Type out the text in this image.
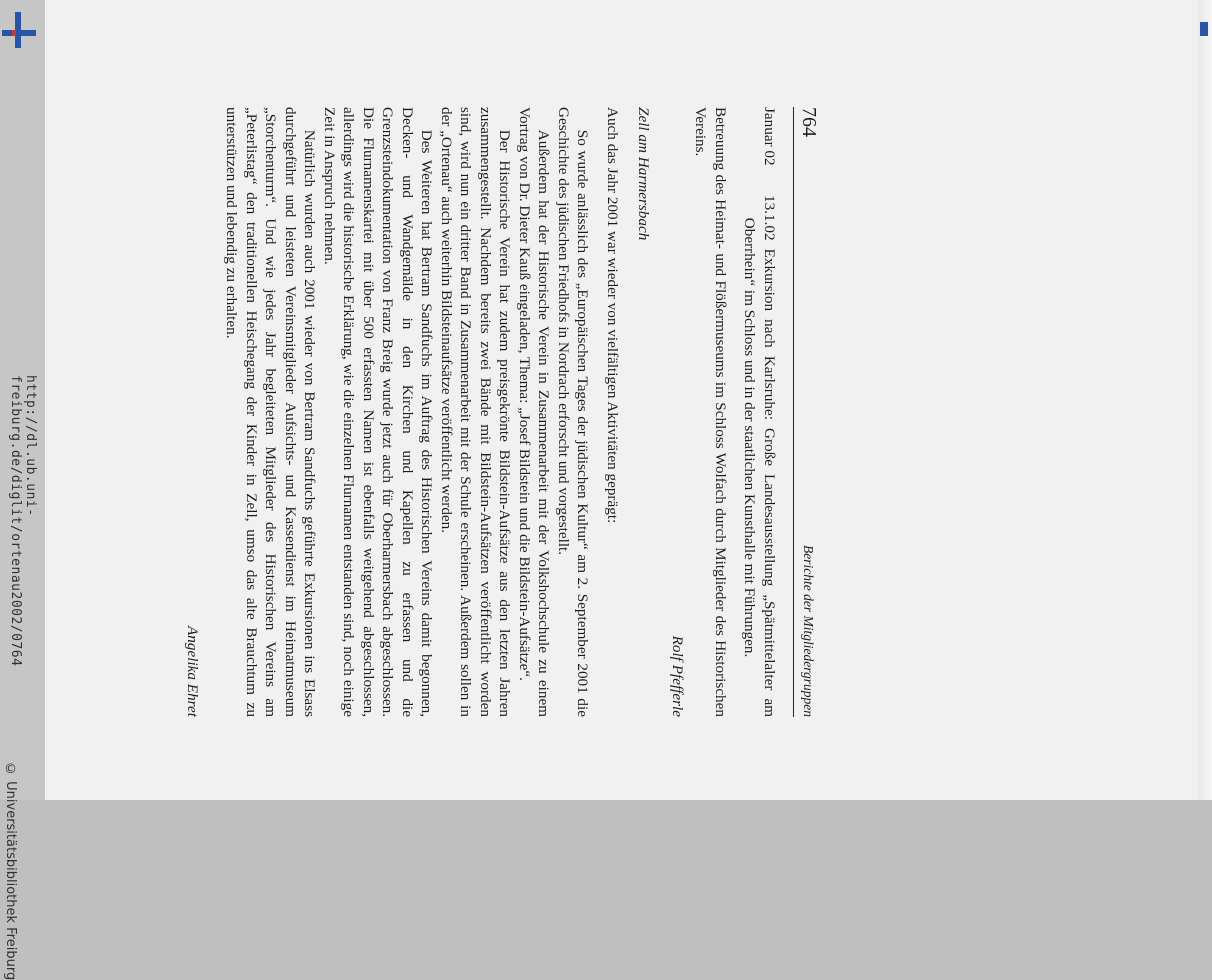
http://dl.ub.uni-freiburg.de/diglit/ortenau2002/0764
© Universitätsbibliothek Freiburg
764
Berichte der Mitgliedergruppen
Januar 02
13.1.02 Exkursion nach Karlsruhe: Große Landesausstellung „Spätmittelalter am Oberrhein“ im Schloss und in der staatlichen Kunsthalle mit Führungen.

Betreuung des Heimat- und Flößermuseums im Schloss Wolfach durch Mitglieder des Historischen Vereins.

Rolf Pfefferle
Zell am Harmersbach

Auch das Jahr 2001 war wieder von vielfältigen Aktivitäten geprägt:

So wurde anlässlich des „Europäischen Tages der jüdischen Kultur“ am 2. September 2001 die Geschichte des jüdischen Friedhofs in Nordrach erforscht und vorgestellt.

Außerdem hat der Historische Verein in Zusammenarbeit mit der Volkshochschule zu einem Vortrag von Dr. Dieter Kauß eingeladen, Thema: „Josef Bildstein und die Bildstein-Aufsätze“.

Der Historische Verein hat zudem preisgekrönte Bildstein-Aufsätze aus den letzten Jahren zusammengestellt. Nachdem bereits zwei Bände mit Bildstein-Aufsätzen veröffentlicht worden sind, wird nun ein dritter Band in Zusammenarbeit mit der Schule erscheinen. Außerdem sollen in der „Ortenau“ auch weiterhin Bildsteinaufsätze veröffentlicht werden.

Des Weiteren hat Bertram Sandfuchs im Auftrag des Historischen Vereins damit begonnen, Decken- und Wandgemälde in den Kirchen und Kapellen zu erfassen und die Grenzsteindokumentation von Franz Breig wurde jetzt auch für Oberharmersbach abgeschlossen. Die Flurnamenskartei mit über 500 erfassten Namen ist ebenfalls weitgehend abgeschlossen, allerdings wird die historische Erklärung, wie die einzelnen Flurnamen entstanden sind, noch einige Zeit in Anspruch nehmen.

Natürlich wurden auch 2001 wieder von Bertram Sandfuchs geführte Exkursionen ins Elsass durchgeführt und leisteten Vereinsmitglieder Aufsichts- und Kassendienst im Heimatmuseum „Storchenturm“. Und wie jedes Jahr begleiteten Mitglieder des Historischen Vereins am „Peterlistag“ den traditionellen Heischegang der Kinder in Zell, umso das alte Brauchtum zu unterstützen und lebendig zu erhalten.

Angelika Ehret
